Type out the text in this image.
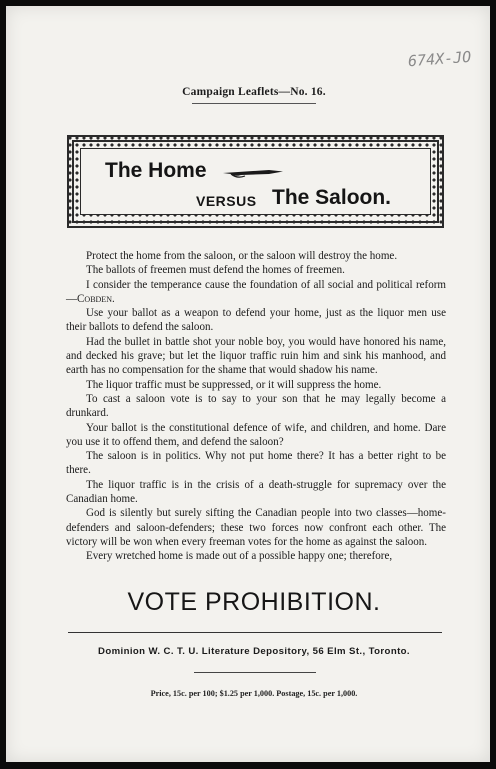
674X-JO
Campaign Leaflets—No. 16.
The Home
VERSUS The Saloon.

Protect the home from the saloon, or the saloon will destroy the home.

The ballots of freemen must defend the homes of freemen.

I consider the temperance cause the foundation of all social and political reform—Cobden.

Use your ballot as a weapon to defend your home, just as the liquor men use their ballots to defend the saloon.

Had the bullet in battle shot your noble boy, you would have honored his name, and decked his grave; but let the liquor traffic ruin him and sink his manhood, and earth has no compensation for the shame that would shadow his name.

The liquor traffic must be suppressed, or it will suppress the home.

To cast a saloon vote is to say to your son that he may legally become a drunkard.

Your ballot is the constitutional defence of wife, and children, and home. Dare you use it to offend them, and defend the saloon?

The saloon is in politics. Why not put home there? It has a better right to be there.

The liquor traffic is in the crisis of a death-struggle for supremacy over the Canadian home.

God is silently but surely sifting the Canadian people into two classes—home-defenders and saloon-defenders; these two forces now confront each other. The victory will be won when every freeman votes for the home as against the saloon.

Every wretched home is made out of a possible happy one; therefore,

VOTE PROHIBITION.
Dominion W. C. T. U. Literature Depository, 56 Elm St., Toronto.
Price, 15c. per 100; $1.25 per 1,000. Postage, 15c. per 1,000.
